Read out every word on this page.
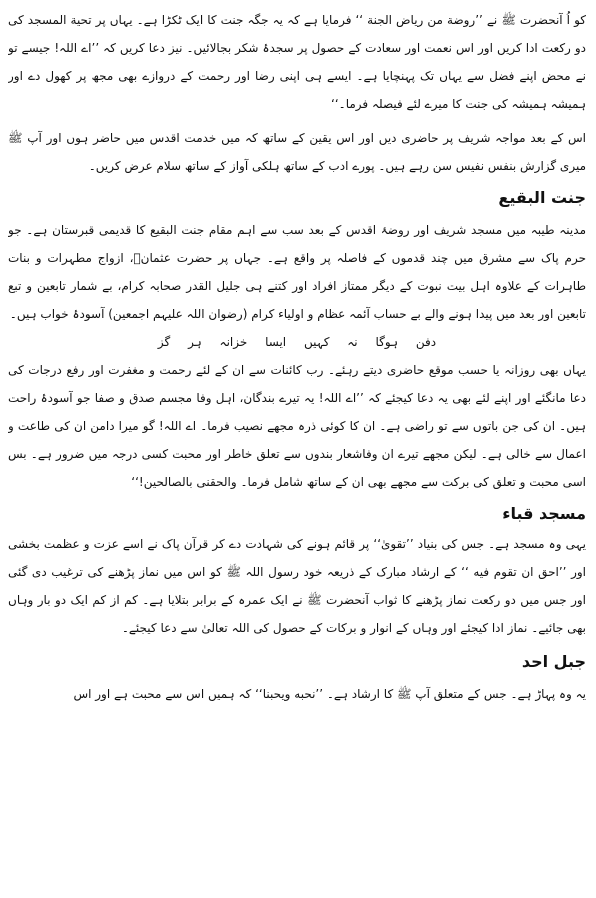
کو اُ آنحضرت ﷺ نے ’’روضة من ریاض الجنة ‘‘ فرمایا ہے کہ یہ جگہ جنت کا ایک ٹکڑا ہے۔ یہاں پر تحیة المسجد کی دو رکعت ادا کریں اور اس نعمت اور سعادت کے حصول پر سجدۂ شکر بجالائیں۔ نیز دعا کریں کہ ’’اے اللہ! جیسے تو نے محض اپنے فضل سے یہاں تک پہنچایا ہے۔ ایسے ہی اپنی رضا اور رحمت کے دروازے بھی مجھ پر کھول دے اور ہمیشہ ہمیشہ کی جنت کا میرے لئے فیصلہ فرما۔‘‘

اس کے بعد مواجہ شریف پر حاضری دیں اور اس یقین کے ساتھ کہ میں خدمت اقدس میں حاضر ہوں اور آپ ﷺ میری گزارش بنفس نفیس سن رہے ہیں۔ پورے ادب کے ساتھ ہلکی آواز کے ساتھ سلام عرض کریں۔

جنت البقیع

مدینہ طیبہ میں مسجد شریف اور روضۂ اقدس کے بعد سب سے اہم مقام جنت البقیع کا قدیمی قبرستان ہے۔ جو حرم پاک سے مشرق میں چند قدموں کے فاصلہ پر واقع ہے۔ جہاں پر حضرت عثمانؓ، ازواج مطہرات و بنات طاہرات کے علاوہ اہل بیت نبوت کے دیگر ممتاز افراد اور کتنے ہی جلیل القدر صحابہ کرام، بے شمار تابعین و تبع تابعین اور بعد میں پیدا ہونے والے بے حساب آئمہ عظام و اولیاء کرام (رضوان اللہ علیہم اجمعین) آسودۂ خواب ہیں۔

دفن ہوگا نہ کہیں ایسا خزانہ ہر گز

یہاں بھی روزانہ یا حسب موقع حاضری دیتے رہئے۔ رب کائنات سے ان کے لئے رحمت و مغفرت اور رفع درجات کی دعا مانگئے اور اپنے لئے بھی یہ دعا کیجئے کہ ’’اے اللہ! یہ تیرے بندگان، اہل وفا مجسم صدق و صفا جو آسودۂ راحت ہیں۔ ان کی جن باتوں سے تو راضی ہے۔ ان کا کوئی ذرہ مجھے نصیب فرما۔ اے اللہ! گو میرا دامن ان کی طاعت و اعمال سے خالی ہے۔ لیکن مجھے تیرے ان وفاشعار بندوں سے تعلق خاطر اور محبت کسی درجہ میں ضرور ہے۔ بس اسی محبت و تعلق کی برکت سے مجھے بھی ان کے ساتھ شامل فرما۔ والحقنی بالصالحین!‘‘

مسجد قباء

یہی وہ مسجد ہے۔ جس کی بنیاد ’’تقویٰ‘‘ پر قائم ہونے کی شہادت دے کر قرآن پاک نے اسے عزت و عظمت بخشی اور ’’احق ان تقوم فیه ‘‘ کے ارشاد مبارک کے ذریعہ خود رسول اللہ ﷺ کو اس میں نماز پڑھنے کی ترغیب دی گئی اور جس میں دو رکعت نماز پڑھنے کا ثواب آنحضرت ﷺ نے ایک عمرہ کے برابر بتلایا ہے۔ کم از کم ایک دو بار وہاں بھی جائیے۔ نماز ادا کیجئے اور وہاں کے انوار و برکات کے حصول کی اللہ تعالیٰ سے دعا کیجئے۔

جبل احد

یہ وہ پہاڑ ہے۔ جس کے متعلق آپ ﷺ کا ارشاد ہے۔ ’’نحبه ویحبنا‘‘ کہ ہمیں اس سے محبت ہے اور اس
